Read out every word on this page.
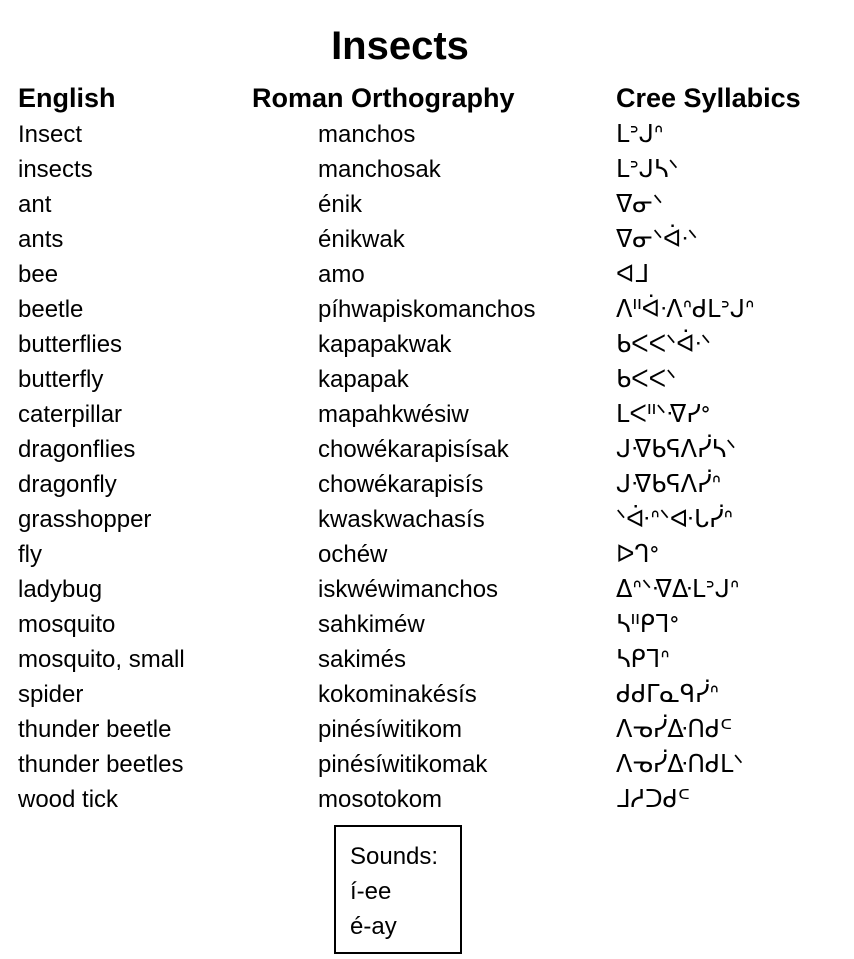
Insects
English	Roman Orthography	Cree Syllabics
Insect	manchos	ᒪᐣᒍᐢ
insects	manchosak	ᒪᐣᒍᓴᐠ
ant	énik	ᐁᓂᐠ
ants	énikwak	ᐁᓂᐠᐋᐧᐠ
bee	amo	ᐊᒧ
beetle	píhwapiskomanchos	ᐱᐦᐋᐧᐱᐢᑯᒪᐣᒍᐢ
butterflies	kapapakwak	ᑲᐸᐸᐠᐋᐧᐠ
butterfly	kapapak	ᑲᐸᐸᐠ
caterpillar	mapahkwésiw	ᒪᐸᐦᐠᐌᓯᐤ
dragonflies	chowékarapisísak	ᒍᐌᑲᕋᐱᓰᓴᐠ
dragonfly	chowékarapisís	ᒍᐌᑲᕋᐱᓰᐢ
grasshopper	kwaskwachasís	ᐠᐚᐢᐠᐘᒐᓰᐢ
fly	ochéw	ᐅᒉᐤ
ladybug	iskwéwimanchos	ᐃᐢᐠᐌᐏᒪᐣᒍᐢ
mosquito	sahkiméw	ᓴᐦᑭᒣᐤ
mosquito, small	sakimés	ᓴᑭᒣᐢ
spider	kokominakésís	ᑯᑯᒥᓇᑫᓰᐢ
thunder beetle	pinésíwitikom	ᐱᓀᓰᐏᑎᑯᒼ
thunder beetles	pinésíwitikomak	ᐱᓀᓰᐏᑎᑯᒪᐠ
wood tick	mosotokom	ᒧᓱᑐᑯᒼ
Sounds:
í-ee
é-ay
